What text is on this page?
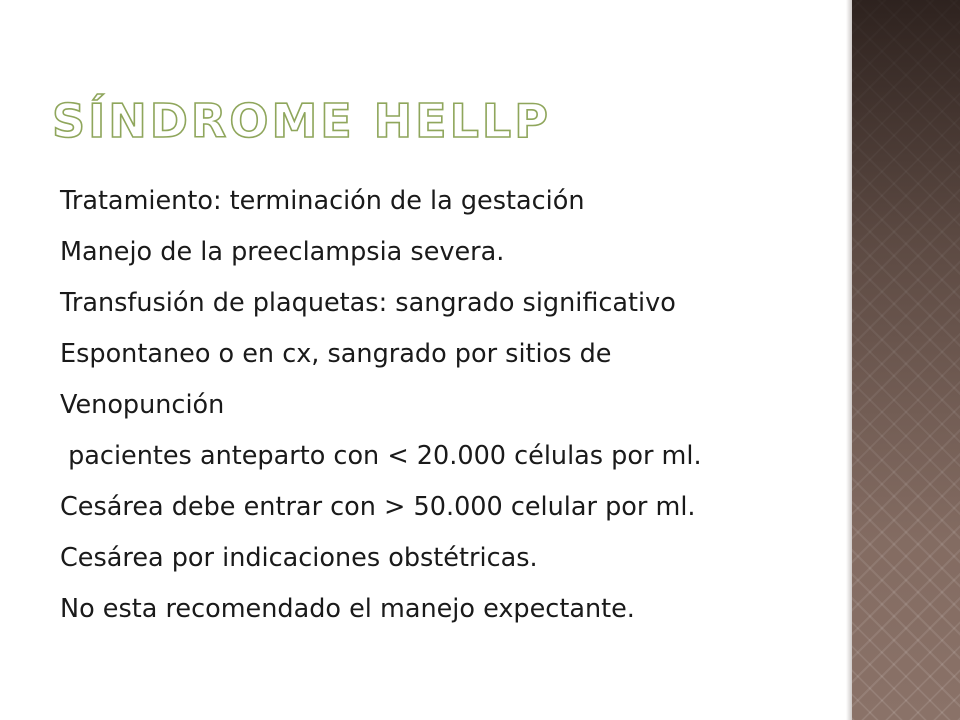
SÍNDROME HELLP
Tratamiento: terminación de la gestación
Manejo de la preeclampsia severa.
Transfusión de plaquetas: sangrado significativo
Espontaneo o en cx, sangrado por sitios de
Venopunción
pacientes anteparto con < 20.000 células por ml.
Cesárea debe entrar con > 50.000 celular por ml.
Cesárea por indicaciones obstétricas.
No esta recomendado el manejo expectante.
